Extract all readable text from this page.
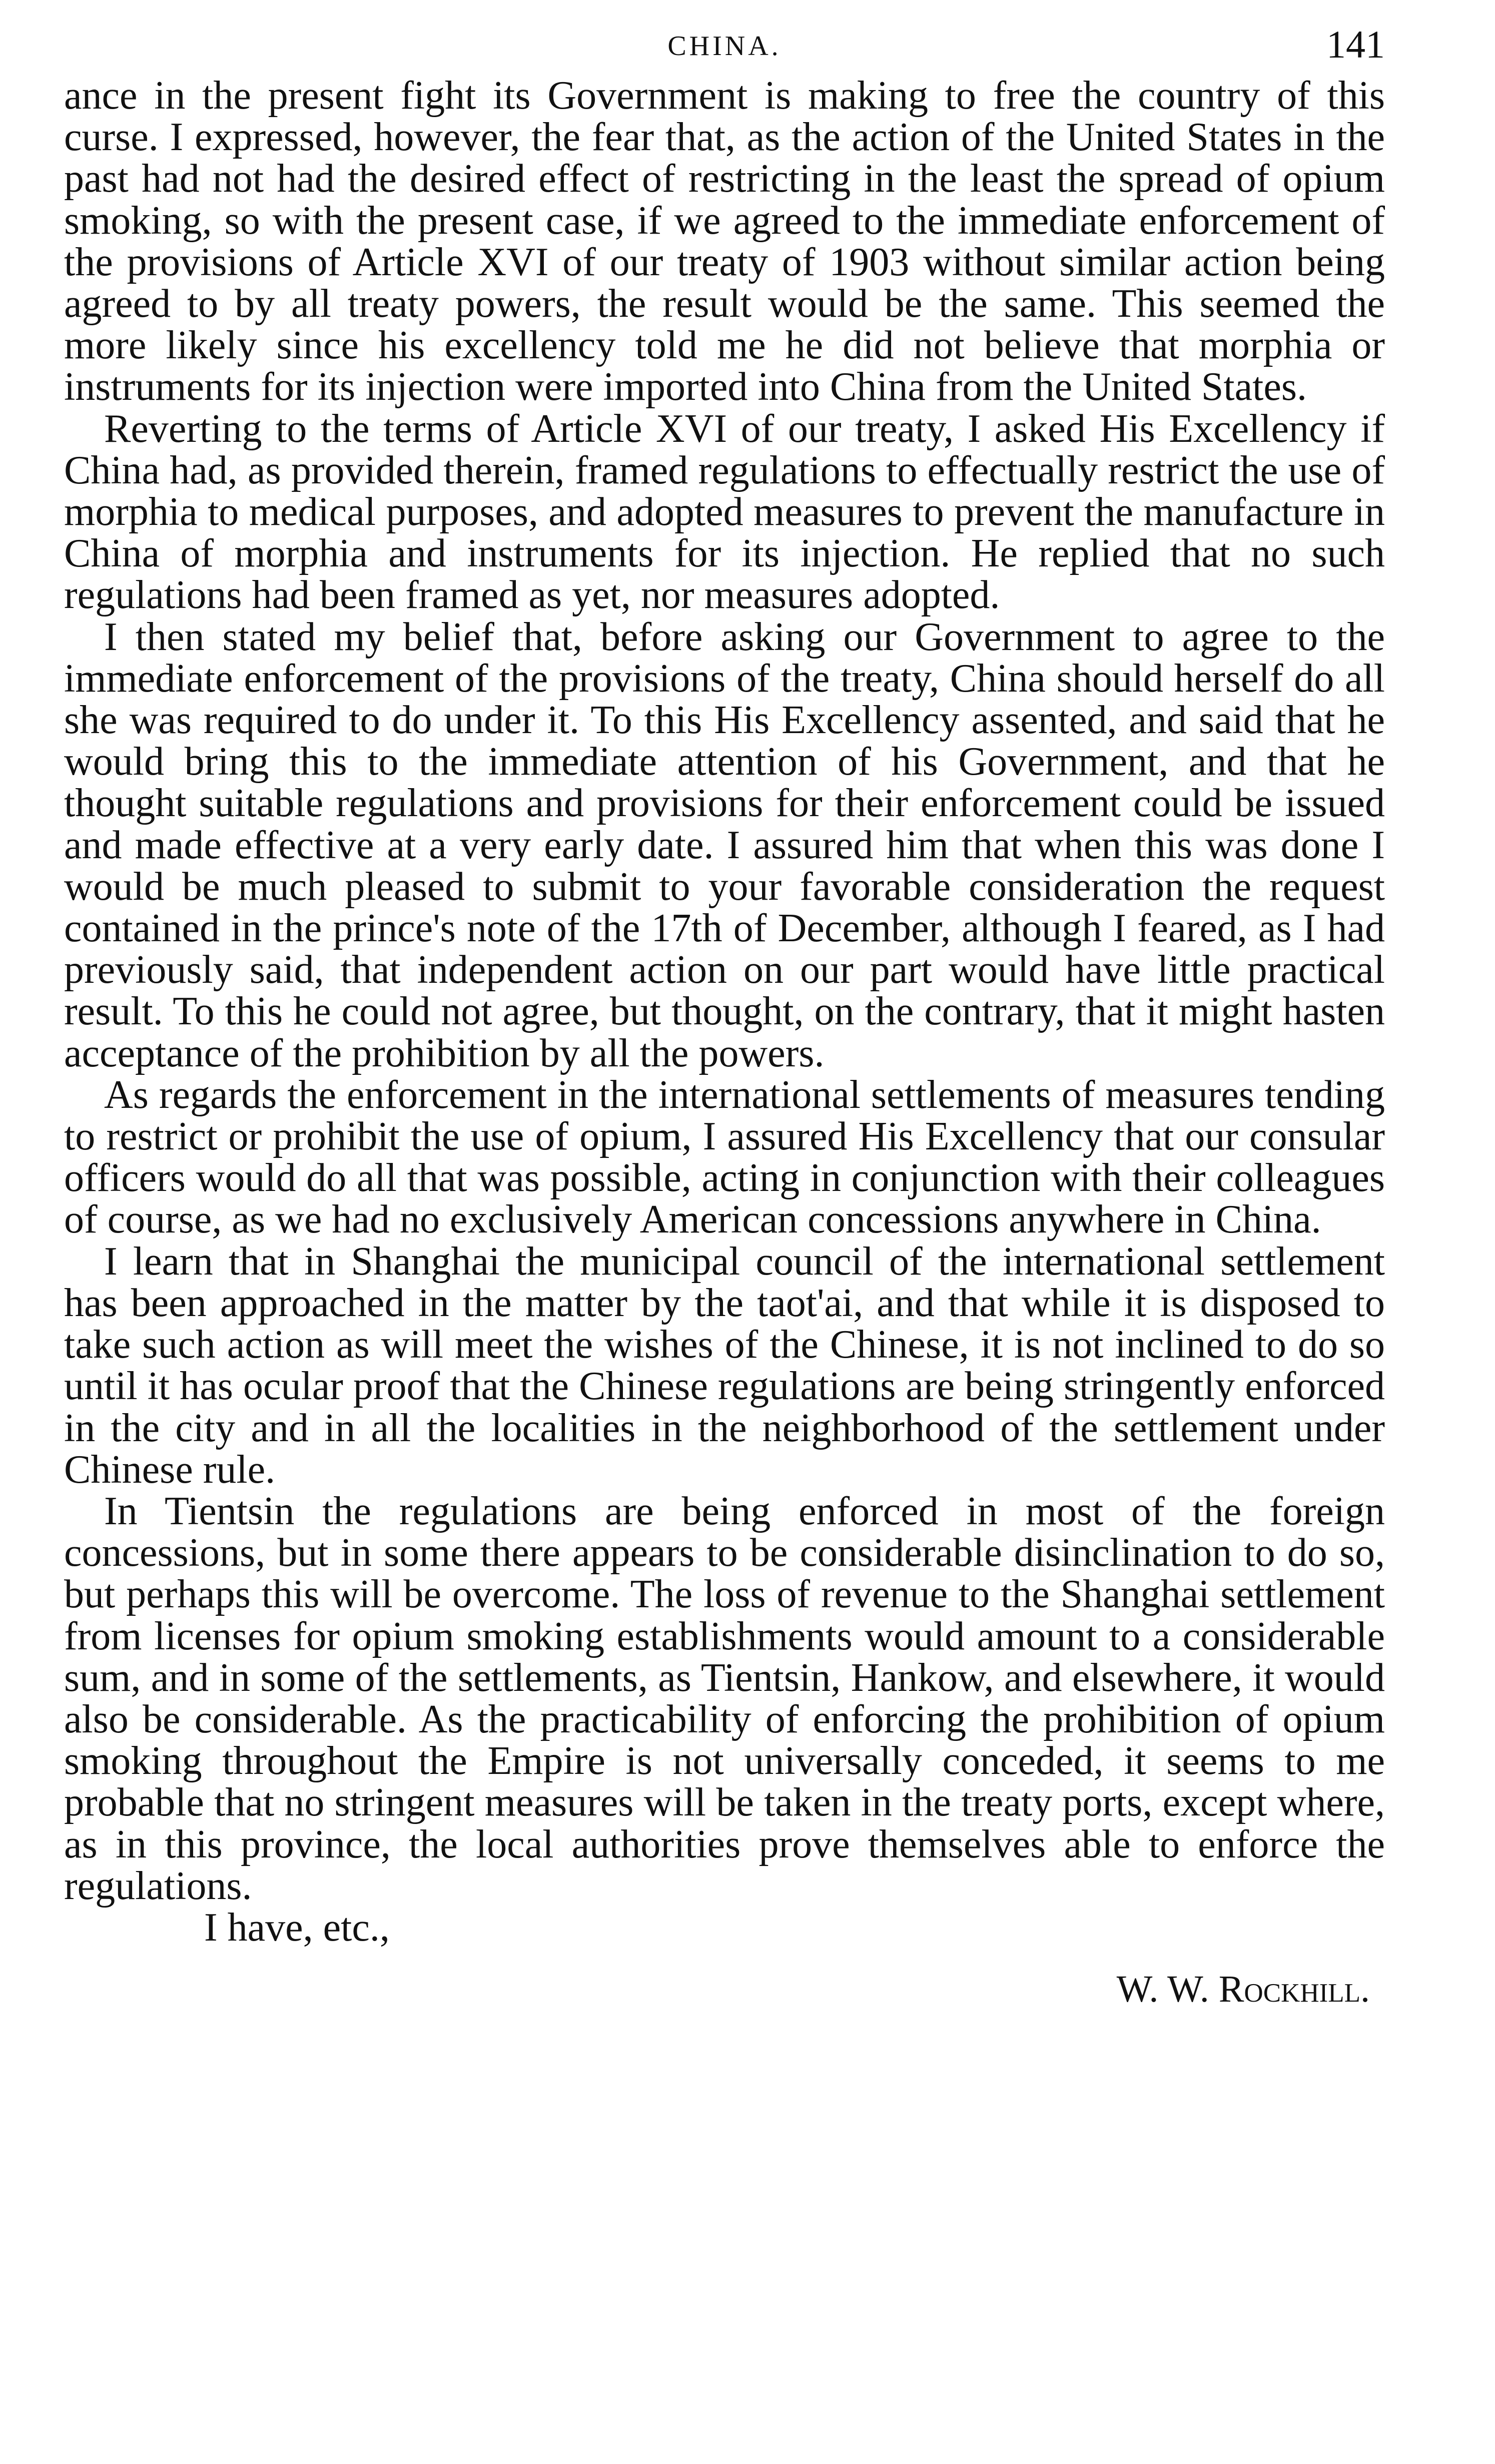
CHINA.	141

ance in the present fight its Government is making to free the country of this curse. I expressed, however, the fear that, as the action of the United States in the past had not had the desired effect of restricting in the least the spread of opium smoking, so with the present case, if we agreed to the immediate enforcement of the provisions of Article XVI of our treaty of 1903 without similar action being agreed to by all treaty powers, the result would be the same. This seemed the more likely since his excellency told me he did not believe that morphia or instruments for its injection were imported into China from the United States.

Reverting to the terms of Article XVI of our treaty, I asked His Excellency if China had, as provided therein, framed regulations to effectually restrict the use of morphia to medical purposes, and adopted measures to prevent the manufacture in China of morphia and instruments for its injection. He replied that no such regulations had been framed as yet, nor measures adopted.

I then stated my belief that, before asking our Government to agree to the immediate enforcement of the provisions of the treaty, China should herself do all she was required to do under it. To this His Excellency assented, and said that he would bring this to the immediate attention of his Government, and that he thought suitable regulations and provisions for their enforcement could be issued and made effective at a very early date. I assured him that when this was done I would be much pleased to submit to your favorable consideration the request contained in the prince's note of the 17th of December, although I feared, as I had previously said, that independent action on our part would have little practical result. To this he could not agree, but thought, on the contrary, that it might hasten acceptance of the prohibition by all the powers.

As regards the enforcement in the international settlements of measures tending to restrict or prohibit the use of opium, I assured His Excellency that our consular officers would do all that was possible, acting in conjunction with their colleagues of course, as we had no exclusively American concessions anywhere in China.

I learn that in Shanghai the municipal council of the international settlement has been approached in the matter by the taot'ai, and that while it is disposed to take such action as will meet the wishes of the Chinese, it is not inclined to do so until it has ocular proof that the Chinese regulations are being stringently enforced in the city and in all the localities in the neighborhood of the settlement under Chinese rule.

In Tientsin the regulations are being enforced in most of the foreign concessions, but in some there appears to be considerable disinclination to do so, but perhaps this will be overcome. The loss of revenue to the Shanghai settlement from licenses for opium smoking establishments would amount to a considerable sum, and in some of the settlements, as Tientsin, Hankow, and elsewhere, it would also be considerable. As the practicability of enforcing the prohibition of opium smoking throughout the Empire is not universally conceded, it seems to me probable that no stringent measures will be taken in the treaty ports, except where, as in this province, the local authorities prove themselves able to enforce the regulations.

I have, etc.,

W. W. Rockhill.
